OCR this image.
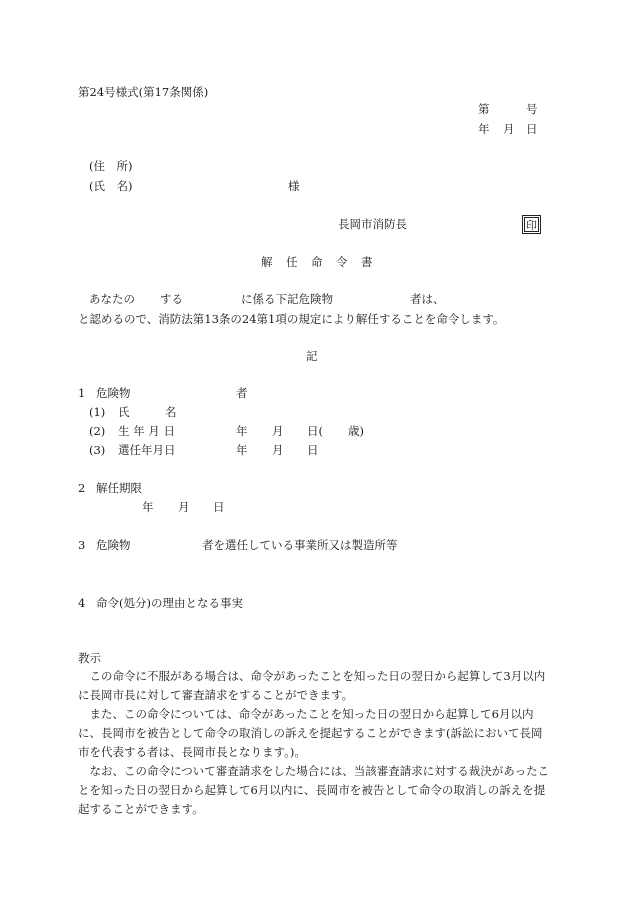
第24号様式(第17条関係)
第	号
年 月 日
(住　所)
(氏　名)	様
長岡市消防長	印
解　任　命　令　書
あなたの する	に係る下記危険物	者は、
と認めるので、消防法第13条の24第1項の規定により解任することを命令します。
記
1 危険物	者
(1) 氏	名
(2) 生 年 月 日	年 月 日( 歳)
(3) 選任年月日	年 月 日
2 解任期限
年 月 日
3 危険物	者を選任している事業所又は製造所等
4 命令(処分)の理由となる事実
教示

　この命令に不服がある場合は、命令があったことを知った日の翌日から起算して3月以内に長岡市長に対して審査請求をすることができます。

　また、この命令については、命令があったことを知った日の翌日から起算して6月以内に、長岡市を被告として命令の取消しの訴えを提起することができます(訴訟において長岡市を代表する者は、長岡市長となります。)。

　なお、この命令について審査請求をした場合には、当該審査請求に対する裁決があったことを知った日の翌日から起算して6月以内に、長岡市を被告として命令の取消しの訴えを提起することができます。
